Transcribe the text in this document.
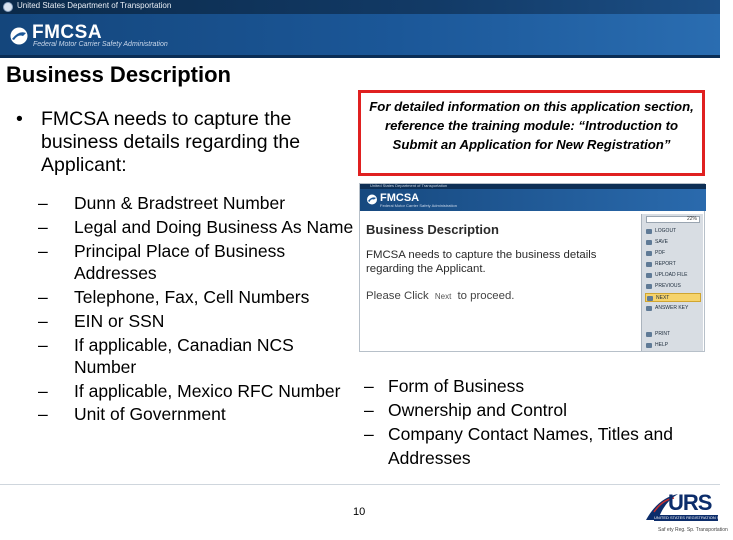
United States Department of Transportation
FMCSA
Federal Motor Carrier Safety Administration
Business Description
• FMCSA needs to capture the business details regarding the Applicant:
For detailed information on this application section, reference the training module: “Introduction to Submit an Application for New Registration”
– Dunn & Bradstreet Number
– Legal and Doing Business As Name
– Principal Place of Business Addresses
– Telephone, Fax, Cell Numbers
– EIN or SSN
– If applicable, Canadian NCS Number
– If applicable, Mexico RFC Number
– Unit of Government
United States Department of Transportation
FMCSA
Federal Motor Carrier Safety Administration
Business Description
FMCSA needs to capture the business details regarding the Applicant.
Please Click Next to proceed.
22%
LOGOUT
SAVE
PDF
REPORT
UPLOAD FILE
PREVIOUS
NEXT
ANSWER KEY
PRINT
HELP
– Form of Business
– Ownership and Control
– Company Contact Names, Titles and Addresses
10	URS
UNITED STATES REGISTRATION SYSTEM
Saf ety Reg. Sp. Transportation
